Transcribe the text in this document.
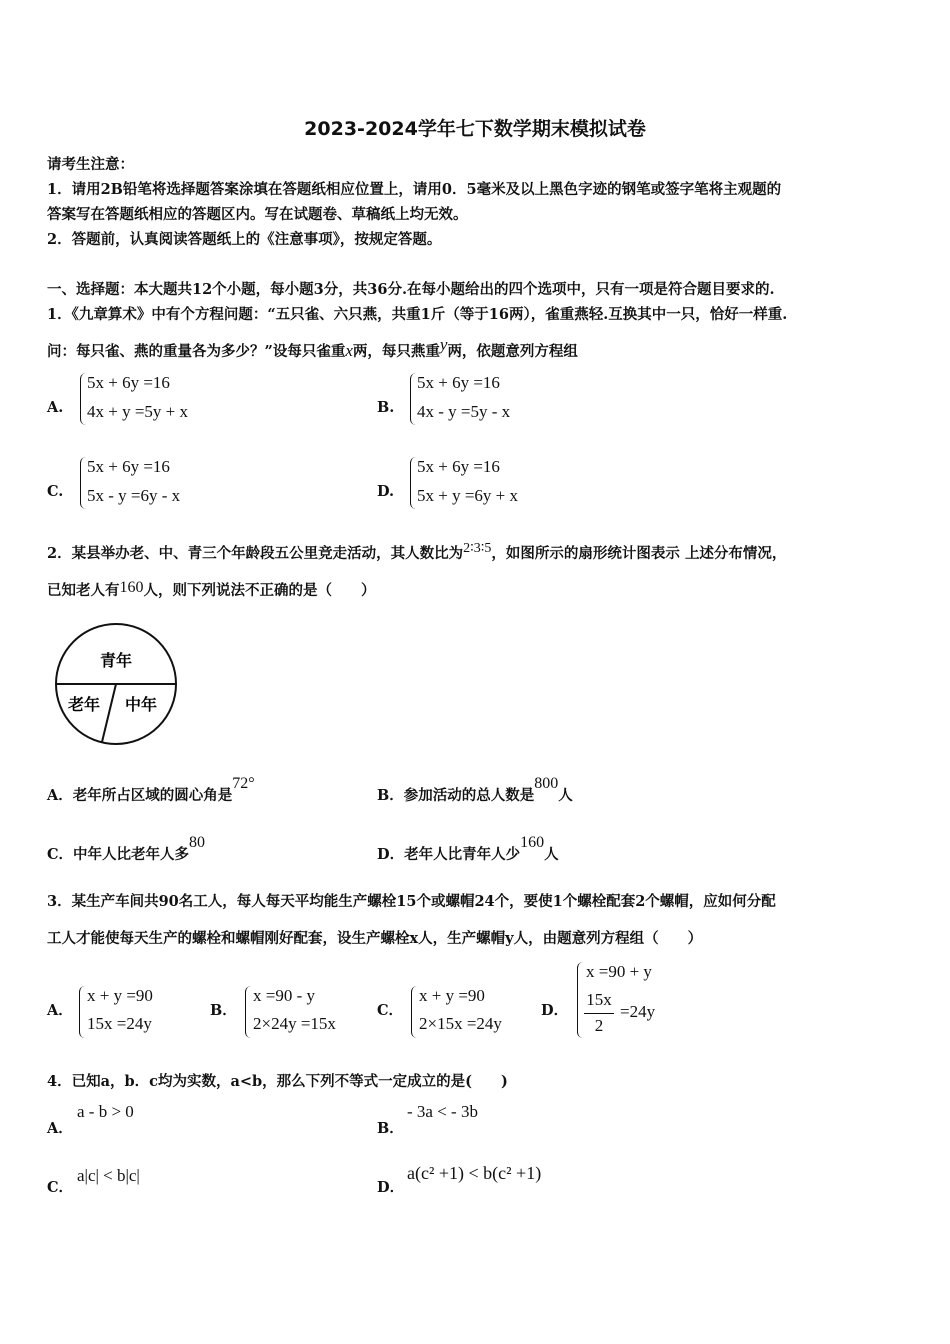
2023-2024学年七下数学期末模拟试卷
请考生注意：
1．请用2B铅笔将选择题答案涂填在答题纸相应位置上，请用0．5毫米及以上黑色字迹的钢笔或签字笔将主观题的
答案写在答题纸相应的答题区内。写在试题卷、草稿纸上均无效。
2．答题前，认真阅读答题纸上的《注意事项》，按规定答题。
一、选择题：本大题共12个小题，每小题3分，共36分.在每小题给出的四个选项中，只有一项是符合题目要求的.
1．《九章算术》中有个方程问题：“五只雀、六只燕，共重1斤（等于16两），雀重燕轻.互换其中一只，恰好一样重.
问：每只雀、燕的重量各为多少？”设每只雀重x两，每只燕重y两，依题意列方程组
A.
5x + 6y =16
4x + y =5y + x	B.
5x + 6y =16
4x - y =5y - x
C.
5x + 6y =16
5x - y =6y - x	D.
5x + 6y =16
5x + y =6y + x
2．某县举办老、中、青三个年龄段五公里竞走活动，其人数比为2∶3∶5，如图所示的扇形统计图表示 上述分布情况，
已知老人有160人，则下列说法不正确的是（　　）
青年
老年 中年
A．老年所占区域的圆心角是72°
B．参加活动的总人数是800人
C．中年人比老年人多80
D．老年人比青年人少160人
3．某生产车间共90名工人，每人每天平均能生产螺栓15个或螺帽24个，要使1个螺栓配套2个螺帽，应如何分配
工人才能使每天生产的螺栓和螺帽刚好配套，设生产螺栓x人，生产螺帽y人，由题意列方程组（　　）
A．
x + y =90
15x =24y
B．
x =90 - y
2×24y =15x
C．
x + y =90
2×15x =24y
D．
x =90 + y
15x
2
=24y
4．已知a，b．c均为实数，a<b，那么下列不等式一定成立的是(　　)
A．
a - b > 0
B．
- 3a < - 3b
C．
a|c| < b|c|
D．
a(c² +1) < b(c² +1)
